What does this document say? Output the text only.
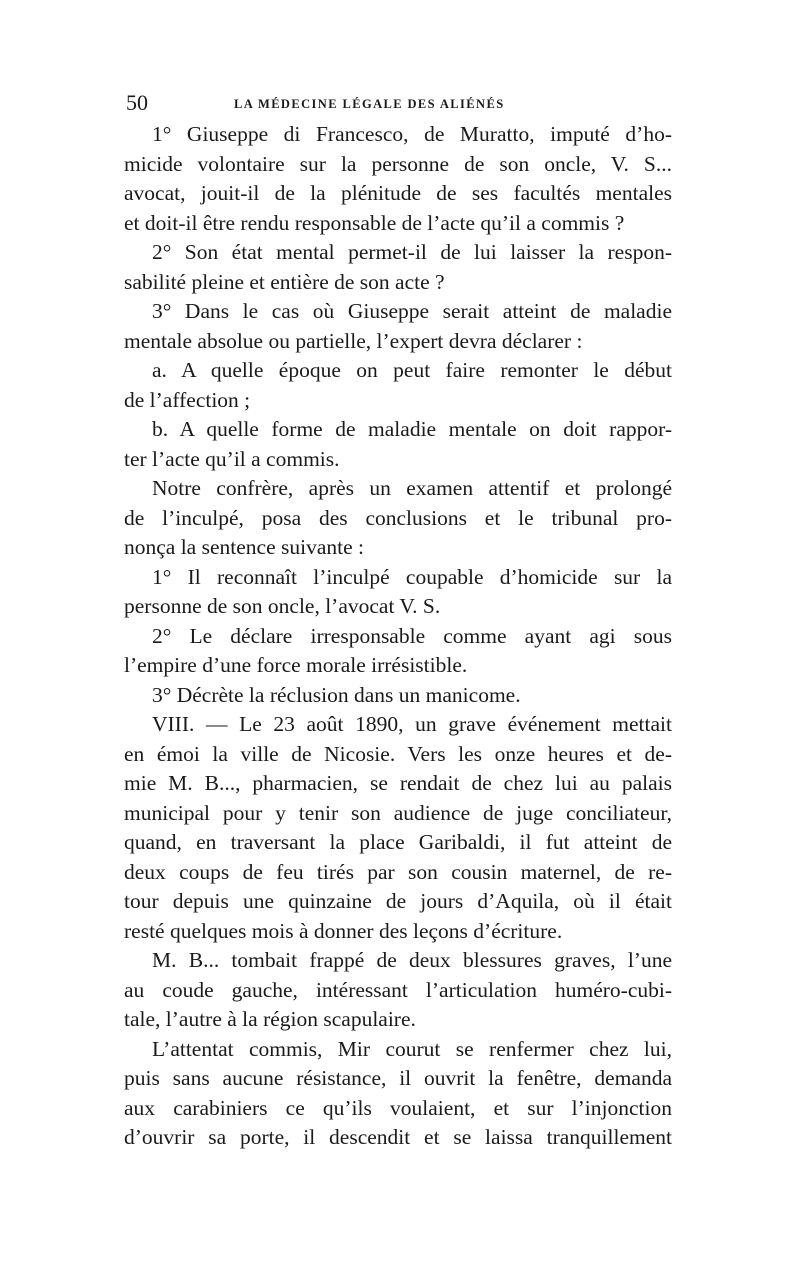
50	LA MÉDECINE LÉGALE DES ALIÉNÉS
1° Giuseppe di Francesco, de Muratto, imputé d’ho-
micide volontaire sur la personne de son oncle, V. S...
avocat, jouit-il de la plénitude de ses facultés mentales
et doit-il être rendu responsable de l’acte qu’il a commis ?
2° Son état mental permet-il de lui laisser la respon-
sabilité pleine et entière de son acte ?
3° Dans le cas où Giuseppe serait atteint de maladie
mentale absolue ou partielle, l’expert devra déclarer :
a. A quelle époque on peut faire remonter le début
de l’affection ;
b. A quelle forme de maladie mentale on doit rappor-
ter l’acte qu’il a commis.
Notre confrère, après un examen attentif et prolongé
de l’inculpé, posa des conclusions et le tribunal pro-
nonça la sentence suivante :
1° Il reconnaît l’inculpé coupable d’homicide sur la
personne de son oncle, l’avocat V. S.
2° Le déclare irresponsable comme ayant agi sous
l’empire d’une force morale irrésistible.
3° Décrète la réclusion dans un manicome.
VIII. — Le 23 août 1890, un grave événement mettait
en émoi la ville de Nicosie. Vers les onze heures et de-
mie M. B..., pharmacien, se rendait de chez lui au palais
municipal pour y tenir son audience de juge conciliateur,
quand, en traversant la place Garibaldi, il fut atteint de
deux coups de feu tirés par son cousin maternel, de re-
tour depuis une quinzaine de jours d’Aquila, où il était
resté quelques mois à donner des leçons d’écriture.
M. B... tombait frappé de deux blessures graves, l’une
au coude gauche, intéressant l’articulation huméro-cubi-
tale, l’autre à la région scapulaire.
L’attentat commis, Mir courut se renfermer chez lui,
puis sans aucune résistance, il ouvrit la fenêtre, demanda
aux carabiniers ce qu’ils voulaient, et sur l’injonction
d’ouvrir sa porte, il descendit et se laissa tranquillement
